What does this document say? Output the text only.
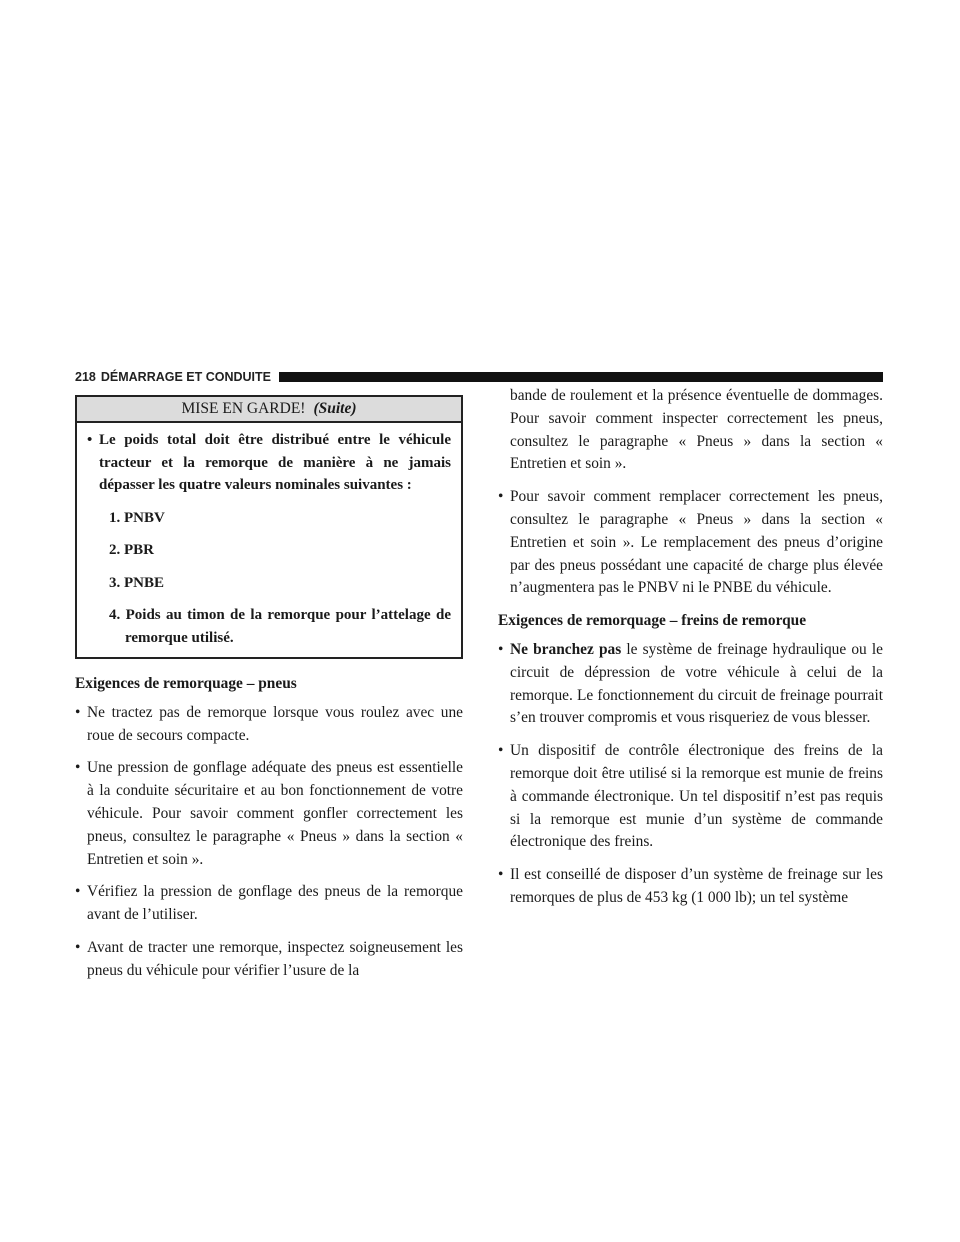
218 DÉMARRAGE ET CONDUITE
MISE EN GARDE! (Suite)
• Le poids total doit être distribué entre le véhicule tracteur et la remorque de manière à ne jamais dépasser les quatre valeurs nominales suivantes :
1. PNBV
2. PBR
3. PNBE
4. Poids au timon de la remorque pour l’attelage de remorque utilisé.

Exigences de remorquage – pneus

• Ne tractez pas de remorque lorsque vous roulez avec une roue de secours compacte.
• Une pression de gonflage adéquate des pneus est essentielle à la conduite sécuritaire et au bon fonctionnement de votre véhicule. Pour savoir comment gonfler correctement les pneus, consultez le paragraphe « Pneus » dans la section « Entretien et soin ».
• Vérifiez la pression de gonflage des pneus de la remorque avant de l’utiliser.
• Avant de tracter une remorque, inspectez soigneusement les pneus du véhicule pour vérifier l’usure de la

bande de roulement et la présence éventuelle de dommages. Pour savoir comment inspecter correctement les pneus, consultez le paragraphe « Pneus » dans la section « Entretien et soin ».

• Pour savoir comment remplacer correctement les pneus, consultez le paragraphe « Pneus » dans la section « Entretien et soin ». Le remplacement des pneus d’origine par des pneus possédant une capacité de charge plus élevée n’augmentera pas le PNBV ni le PNBE du véhicule.

Exigences de remorquage – freins de remorque

• Ne branchez pas le système de freinage hydraulique ou le circuit de dépression de votre véhicule à celui de la remorque. Le fonctionnement du circuit de freinage pourrait s’en trouver compromis et vous risqueriez de vous blesser.
• Un dispositif de contrôle électronique des freins de la remorque doit être utilisé si la remorque est munie de freins à commande électronique. Un tel dispositif n’est pas requis si la remorque est munie d’un système de commande électronique des freins.
• Il est conseillé de disposer d’un système de freinage sur les remorques de plus de 453 kg (1 000 lb); un tel système
